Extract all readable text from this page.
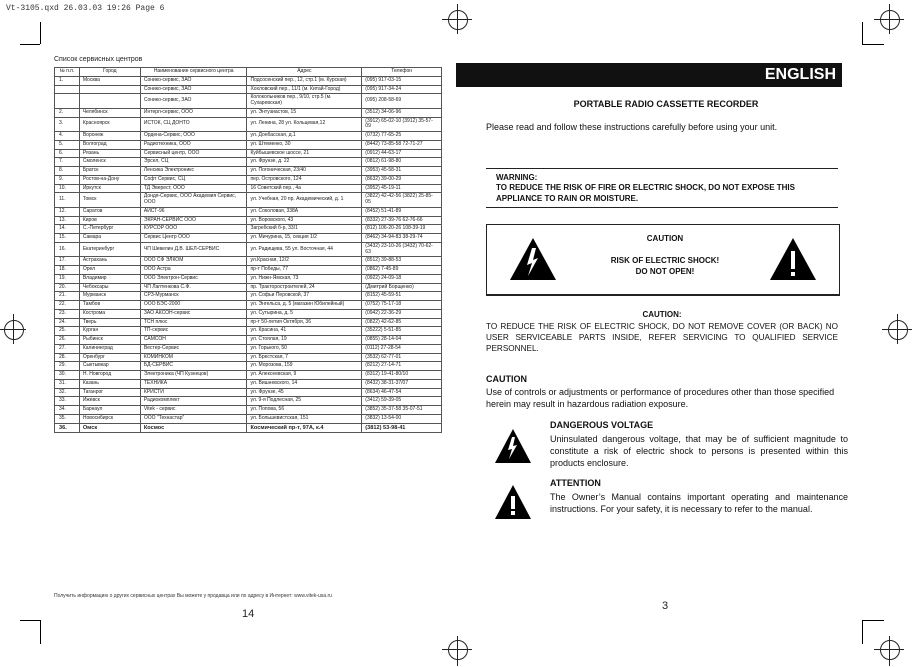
Vt-3105.qxd 26.03.03 19:26 Page 6
Список сервисных центров
№ п.п.	Город	Наименование сервисного центра	Адрес	Телефон
1.	Москва	Сонико-сервис, ЗАО	Подсосенский пер., 12, стр.1 (м. Курская)	(095) 917-03-15
		Сонико-сервис, ЗАО	Хохловский пер., 11/1 (м. Китай-Город)	(095) 917-34-24
		Сонико-сервис, ЗАО	Колокольников пер., 9/10, стр.5 (м. Сухаревская)	(095) 208-58-69
2.	Челябинск	Интерл-сервис, ООО	ул. Энтузиастов, 15	(3512) 34-06-96
3.	Красноярск	ИСТОК, СЦ ДОНТО	ул. Ленина, 28 ул. Кольцевая,12	(3912) 65-02-10 (3912) 35-57-09
4.	Воронеж	Ордена-Сервис, ООО	ул. Донбасская, д.1	(0732) 77-65-25
5.	Волгоград	Радиотехника, ООО	ул. Штеменко, 30	(8442) 73-85-58 72-71-27
6.	Рязань	Сервисный центр, ООО	Куйбышевское шоссе, 21	(0912) 44-63-17
7.	Смоленск	Эрсел, СЦ	ул. Фрунзе, д. 22	(0812) 61-98-80
8.	Братск	Ленсика Электроникс	ул. Погоническая, 23/40	(3953) 45-58-31
9.	Ростов-на-Дону	Софт Сервис, СЦ	пер. Островского, 124	(8632) 39-00-29
10.	Иркутск	ТД Эверест, ООО	16 Советский пер., 4а	(3952) 45-19-11
11.	Томск	Дондя-Сервис, ООО Академия Сервис, ООО	ул. Учебная, 20 пр. Академический, д. 1	(3822) 42-42-56 (3822) 25-85-05
12.	Саратов	АИСТ-96	ул. Соколовая, 338А	(8452) 51-41-89
13.	Киров	ЭКРАН-СЕРВИС ООО	ул. Воровского, 43	(8332) 27-39-76 62-76-66
14.	С.-Петербург	КУРСОР ООО	Загребский б-р, 33/1	(812) 106-20-26 108-39-19
15.	Самара	Сервис Центр ООО	ул. Мичурина, 15, секция 1/2	(8462) 34-94-83 38-29-74
16.	Екатеринбург	ЧП Шевелин Д.В. ШЕЛ-СЕРВИС	ул. Радищева, 55 ул. Восточная, 44	(3432) 23-10-26 (3432) 70-62-63
17.	Астрахань	ООО СФ ЭЛКОМ	ул.Красная, 12/2	(8512) 39-88-53
18.	Орел	ООО Астра	пр-т Победы, 77	(0862) 7-45-89
19.	Владимир	ООО Электрон-Сервис	ул. Нижн-Ямская, 73	(0922) 24-09-18
20.	Чебоксары	ЧП Лаптенкова С.Ф.	пр. Тракторостроителей, 24	(Дмитрий Борщенко)
21.	Мурманск	СРЗ-Мурманск	ул. Софьи Перовской, 37	(8152) 45-59-51
22.	Тамбов	ООО БЭС-2000	ул. Энгельса, д. 5 (магазин Юбилейный)	(0752) 75-17-18
23.	Кострома	ЗАО АКСОН-сервис	ул. Сутырина, д. 5	(0942) 22-36-29
24.	Тверь	ТСН плюс	пр-т 50-летия Октября, 36	(0822) 42-62-85
25.	Курган	ТП-сервис	ул. Красина, 41	(35222) 5-51-85
26.	Рыбинск	САМСОН	ул. Стоялая, 19	(0855) 28-14-04
27.	Калининград	Вестер-Сервис	ул. Горького, 50	(0112) 27-28-54
28.	Оренбург	КОМИНКОМ	ул. Брестская, 7	(3532) 62-77-01
29.	Сыктывкар	БД-СЕРВИС	ул. Морозова, 159	(8212) 27-14-71
30.	Н. Новгород	Электроника (ЧП Кузнецов)	ул. Алексеевская, 9	(8312) 19-41-80/10
31.	Казань	ТЕХНИКА	ул. Вишневского, 14	(8432) 38-31-37/07
32.	Таганрог	КРИСТИ	ул. Фрунзе, 45	(8634) 46-47-54
33.	Ижевск	Радиокомплект	ул. 9-я Подлесная, 25	(3412) 59-39-05
34.	Барнаул	Vitek - сервис	ул. Попова, 56	(3852) 35-37-58 35-07-51
35.	Новосибирск	ООО "Технастар"	ул. Большевистская, 151	(3832) 13-54-00
36.	Омск	Космос	Космический пр-т, 97А, к.4	(3812) 53-98-41
Получить информацию о других сервисных центрах Вы можете у продавца или по адресу в Интернет: www.vitek-usa.ru
14
ENGLISH
PORTABLE RADIO CASSETTE RECORDER
Please read and follow these instructions carefully before using your unit.

WARNING:
TO REDUCE THE RISK OF FIRE OR ELECTRIC SHOCK, DO NOT EXPOSE THIS APPLIANCE TO RAIN OR MOISTURE.

CAUTION
RISK OF ELECTRIC SHOCK!
DO NOT OPEN!
CAUTION:
TO REDUCE THE RISK OF ELECTRIC SHOCK, DO NOT REMOVE COVER (OR BACK) NO USER SERVICEABLE PARTS INSIDE, REFER SERVICING TO QUALIFIED SERVICE PERSONNEL.
CAUTION
Use of controls or adjustments or performance of procedures other than those specified herein may result in hazardous radiation exposure.
DANGEROUS VOLTAGE
Uninsulated dangerous voltage, that may be of sufficient magnitude to constitute a risk of electric shock to persons is presented within this products enclosure.
ATTENTION
The Owner’s Manual contains important operating and maintenance instructions. For your safety, it is necessary to refer to the manual.
3
